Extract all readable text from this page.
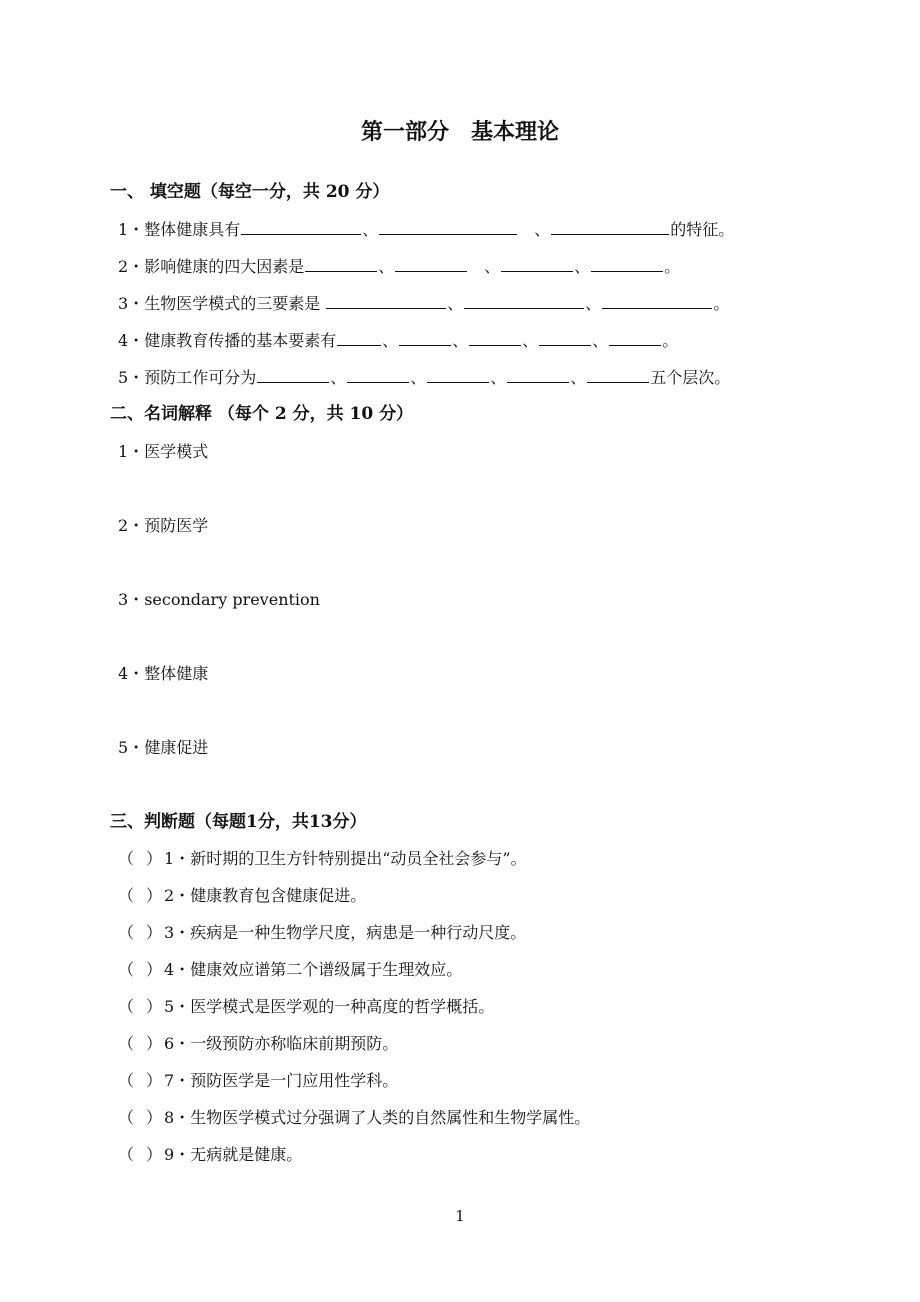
第一部分　基本理论
一、 填空题（每空一分，共 20 分）
1・整体健康具有	、	　、	的特征。
2・影响健康的四大因素是	、	　、	、	。
3・生物医学模式的三要素是	、	、	。
4・健康教育传播的基本要素有	、	、	、	、	。
5・预防工作可分为	、	、	、	、	五个层次。
二、名词解释 （每个 2 分，共 10 分）
1・医学模式
2・预防医学
3・secondary prevention
4・整体健康
5・健康促进
三、判断题（每题1分，共13分）
（ ） 1・新时期的卫生方针特别提出“动员全社会参与”。
（ ） 2・健康教育包含健康促进。
（ ） 3・疾病是一种生物学尺度，病患是一种行动尺度。
（ ） 4・健康效应谱第二个谱级属于生理效应。
（ ） 5・医学模式是医学观的一种高度的哲学概括。
（ ） 6・一级预防亦称临床前期预防。
（ ） 7・预防医学是一门应用性学科。
（ ） 8・生物医学模式过分强调了人类的自然属性和生物学属性。
（ ） 9・无病就是健康。
1
